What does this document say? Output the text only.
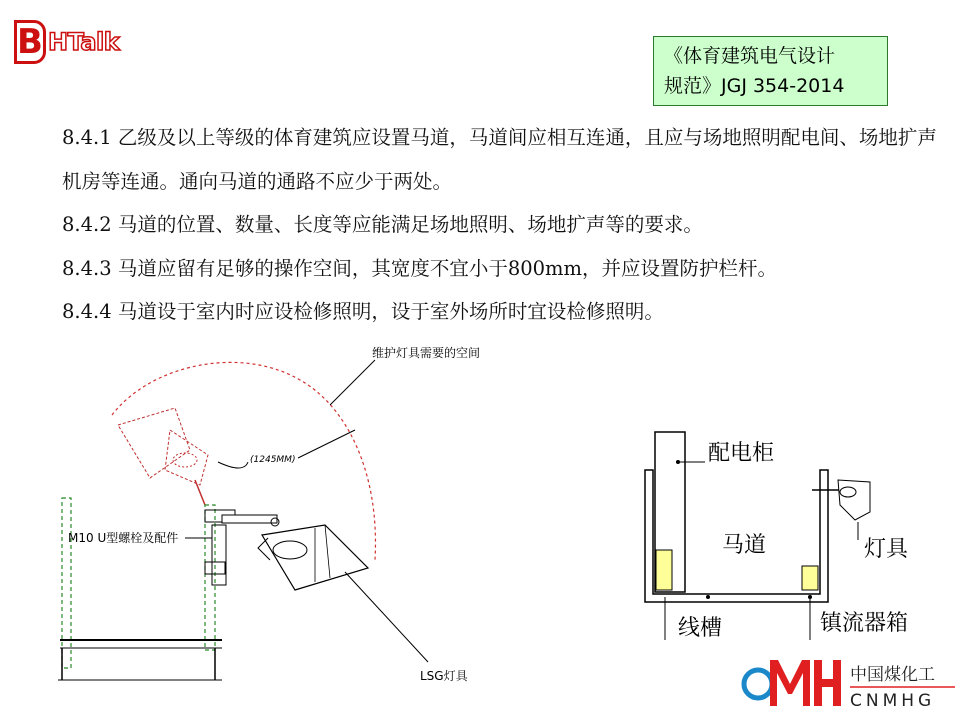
B HTalk	《体育建筑电气设计
规范》JGJ 354-2014

8.4.1 乙级及以上等级的体育建筑应设置马道，马道间应相互连通，且应与场地照明配电间、场地扩声机房等连通。通向马道的通路不应少于两处。

8.4.2 马道的位置、数量、长度等应能满足场地照明、场地扩声等的要求。

8.4.3 马道应留有足够的操作空间，其宽度不宜小于800mm，并应设置防护栏杆。

8.4.4 马道设于室内时应设检修照明，设于室外场所时宜设检修照明。

维护灯具需要的空间
(1245MM)
M10 U型螺栓及配件
LSG灯具
配电柜
马道
线槽	镇流器箱
灯具
中国煤化工
CNMHG
